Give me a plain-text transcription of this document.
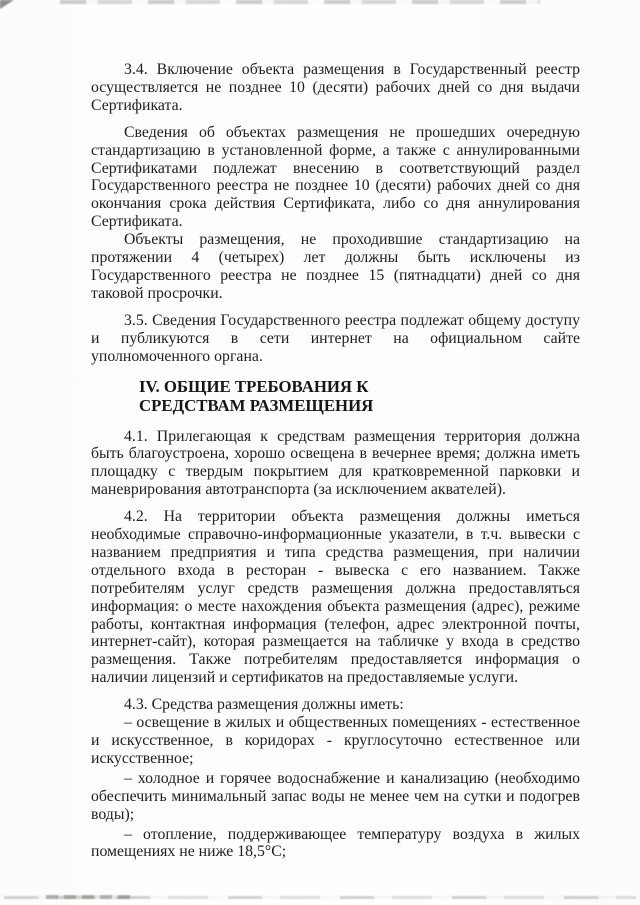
3.4. Включение объекта размещения в Государственный реестр осуществляется не позднее 10 (десяти) рабочих дней со дня выдачи Сертификата.

Сведения об объектах размещения не прошедших очередную стандартизацию в установленной форме, а также с аннулированными Сертификатами подлежат внесению в соответствующий раздел Государственного реестра не позднее 10 (десяти) рабочих дней со дня окончания срока действия Сертификата, либо со дня аннулирования Сертификата.

Объекты размещения, не проходившие стандартизацию на протяжении 4 (четырех) лет должны быть исключены из Государственного реестра не позднее 15 (пятнадцати) дней со дня таковой просрочки.

3.5. Сведения Государственного реестра подлежат общему доступу и публикуются в сети интернет на официальном сайте уполномоченного органа.

IV. ОБЩИЕ ТРЕБОВАНИЯ К
СРЕДСТВАМ РАЗМЕЩЕНИЯ

4.1. Прилегающая к средствам размещения территория должна быть благоустроена, хорошо освещена в вечернее время; должна иметь площадку с твердым покрытием для кратковременной парковки и маневрирования автотранспорта (за исключением аквателей).

4.2. На территории объекта размещения должны иметься необходимые справочно-информационные указатели, в т.ч. вывески с названием предприятия и типа средства размещения, при наличии отдельного входа в ресторан - вывеска с его названием. Также потребителям услуг средств размещения должна предоставляться информация: о месте нахождения объекта размещения (адрес), режиме работы, контактная информация (телефон, адрес электронной почты, интернет-сайт), которая размещается на табличке у входа в средство размещения. Также потребителям предоставляется информация о наличии лицензий и сертификатов на предоставляемые услуги.

4.3. Средства размещения должны иметь:

– освещение в жилых и общественных помещениях - естественное и искусственное, в коридорах - круглосуточно естественное или искусственное;

– холодное и горячее водоснабжение и канализацию (необходимо обеспечить минимальный запас воды не менее чем на сутки и подогрев воды);

– отопление, поддерживающее температуру воздуха в жилых помещениях не ниже 18,5°С;
